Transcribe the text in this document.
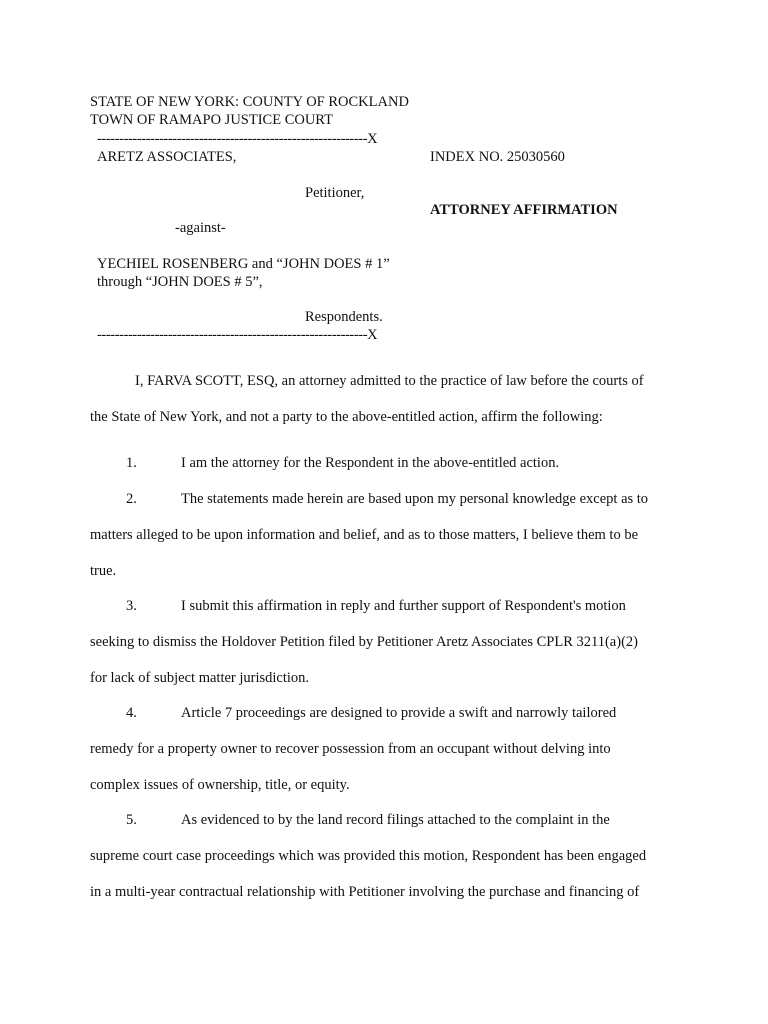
STATE OF NEW YORK: COUNTY OF ROCKLAND
TOWN OF RAMAPO JUSTICE COURT
-------------------------------------------------------------X
ARETZ ASSOCIATES,	INDEX NO. 25030560
Petitioner,
ATTORNEY AFFIRMATION
-against-
YECHIEL ROSENBERG and “JOHN DOES # 1”
through “JOHN DOES # 5”,
Respondents.
-------------------------------------------------------------X
I, FARVA SCOTT, ESQ, an attorney admitted to the practice of law before the courts of
the State of New York, and not a party to the above-entitled action, affirm the following:
1.	I am the attorney for the Respondent in the above-entitled action.
2.	The statements made herein are based upon my personal knowledge except as to
matters alleged to be upon information and belief, and as to those matters, I believe them to be
true.
3.	I submit this affirmation in reply and further support of Respondent's motion
seeking to dismiss the Holdover Petition filed by Petitioner Aretz Associates CPLR 3211(a)(2)
for lack of subject matter jurisdiction.
4.	Article 7 proceedings are designed to provide a swift and narrowly tailored
remedy for a property owner to recover possession from an occupant without delving into
complex issues of ownership, title, or equity.
5.	As evidenced to by the land record filings attached to the complaint in the
supreme court case proceedings which was provided this motion, Respondent has been engaged
in a multi-year contractual relationship with Petitioner involving the purchase and financing of
